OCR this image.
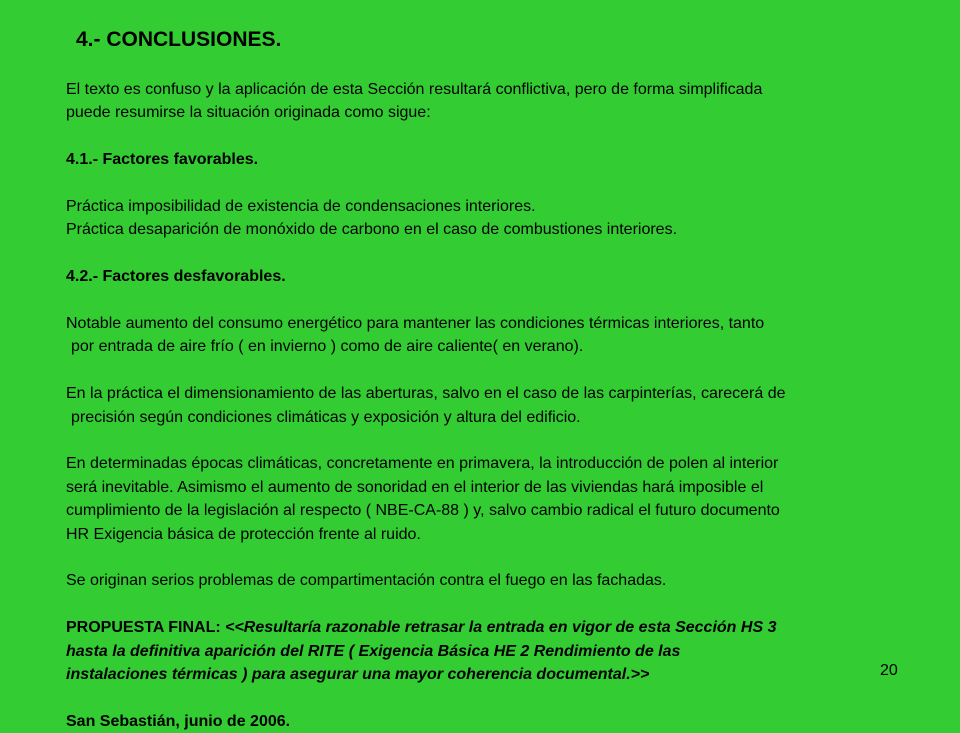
4.- CONCLUSIONES.
El texto es confuso y la aplicación de esta Sección resultará conflictiva, pero de forma simplificada
puede resumirse la situación originada como sigue:
4.1.- Factores favorables.
Práctica imposibilidad de existencia de condensaciones interiores.
Práctica desaparición de monóxido de carbono en el caso de combustiones interiores.
4.2.- Factores desfavorables.
Notable aumento del consumo energético para mantener las condiciones térmicas interiores, tanto
por entrada de aire frío ( en invierno ) como de aire caliente( en verano).
En la práctica el dimensionamiento de las aberturas, salvo en el caso de las carpinterías, carecerá de
precisión según condiciones climáticas y exposición y altura del edificio.
En determinadas épocas climáticas, concretamente en primavera, la introducción de polen al interior
será inevitable. Asimismo el aumento de sonoridad en el interior de las viviendas hará imposible el
cumplimiento de la legislación al respecto ( NBE-CA-88 ) y, salvo cambio radical el futuro documento
HR Exigencia básica de protección frente al ruido.
Se originan serios problemas de compartimentación contra el fuego en las fachadas.
PROPUESTA FINAL: <<Resultaría razonable retrasar la entrada en vigor de esta Sección HS 3
hasta la definitiva aparición del RITE ( Exigencia Básica HE 2 Rendimiento de las
instalaciones térmicas ) para asegurar una mayor coherencia documental.>>
San Sebastián, junio de 2006.
20
